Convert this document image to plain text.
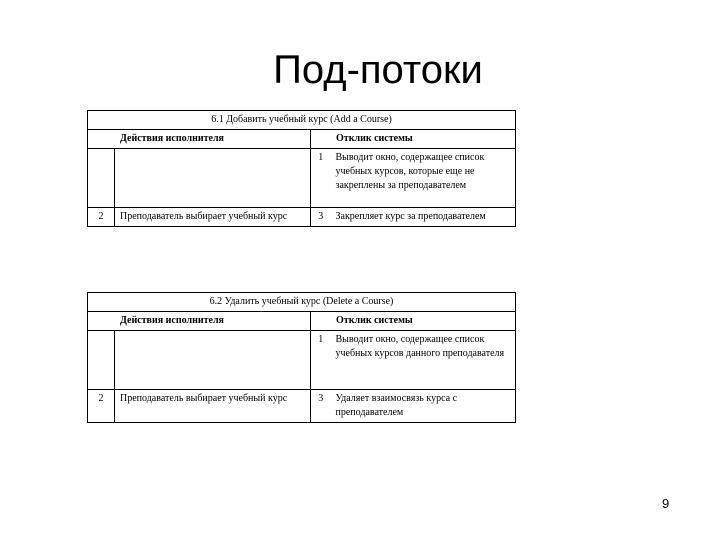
Под-потоки
6.1 Добавить учебный курс (Add a Course)			
Действия исполнителя		Отклик системы	
		1	Выводит окно, содержащее список учебных курсов, которые еще не закреплены за преподавателем
2	Преподаватель выбирает учебный курс	3	Закрепляет курс за преподавателем
6.2 Удалить учебный курс (Delete a Course)			
Действия исполнителя		Отклик системы	
		1	Выводит окно, содержащее список учебных курсов данного преподавателя
2	Преподаватель выбирает учебный курс	3	Удаляет взаимосвязь курса с преподавателем
9
